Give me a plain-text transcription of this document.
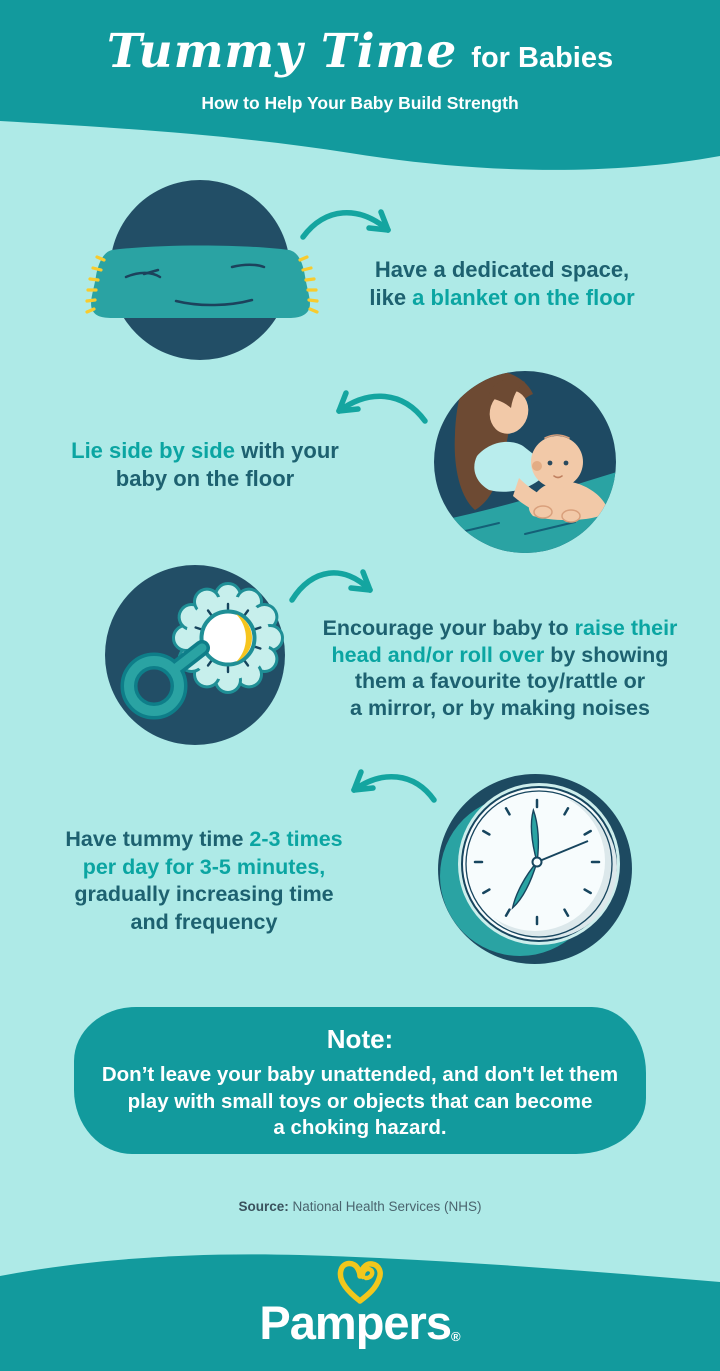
Tummy Time for Babies
How to Help Your Baby Build Strength
Have a dedicated space,
like a blanket on the floor
Lie side by side with your
baby on the floor
Encourage your baby to raise their
head and/or roll over by showing
them a favourite toy/rattle or
a mirror, or by making noises
Have tummy time 2-3 times
per day for 3-5 minutes,
gradually increasing time
and frequency
Note:
Don’t leave your baby unattended, and don't let them
play with small toys or objects that can become
a choking hazard.
Source: National Health Services (NHS)
Pampers®
